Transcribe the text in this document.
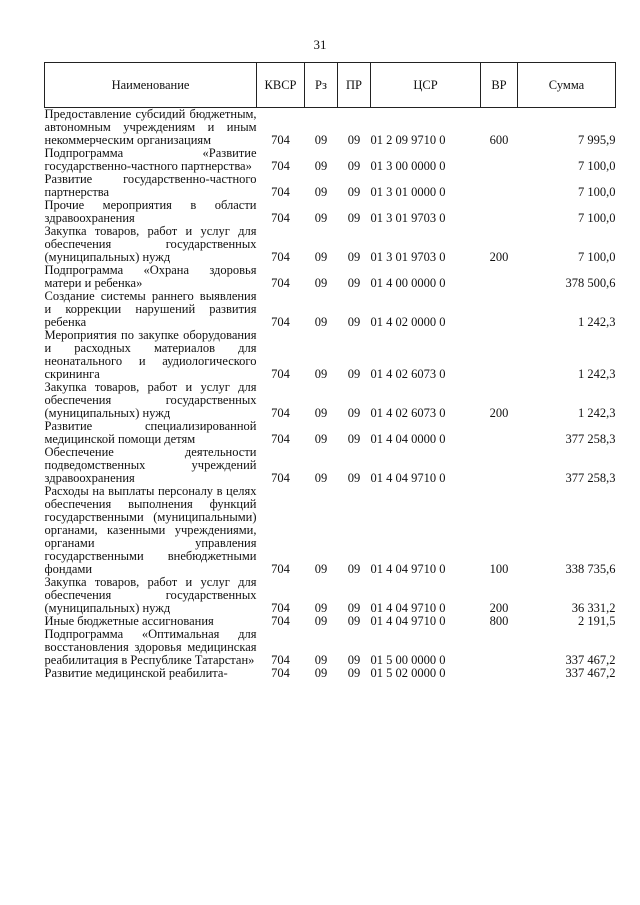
31
Наименование	КВСР	Рз	ПР	ЦСР	ВР	Сумма
Предоставление субсидий бюджетным, автономным учреждениям и иным некоммерческим организациям	704	09	09	01 2 09 9710 0	600	7 995,9
Подпрограмма «Развитие государственно-частного партнерства»	704	09	09	01 3 00 0000 0		7 100,0
Развитие государственно-частного партнерства	704	09	09	01 3 01 0000 0		7 100,0
Прочие мероприятия в области здравоохранения	704	09	09	01 3 01 9703 0		7 100,0
Закупка товаров, работ и услуг для обеспечения государственных (муниципальных) нужд	704	09	09	01 3 01 9703 0	200	7 100,0
Подпрограмма «Охрана здоровья матери и ребенка»	704	09	09	01 4 00 0000 0		378 500,6
Создание системы раннего выявления и коррекции нарушений развития ребенка	704	09	09	01 4 02 0000 0		1 242,3
Мероприятия по закупке оборудования и расходных материалов для неонатального и аудиологического скрининга	704	09	09	01 4 02 6073 0		1 242,3
Закупка товаров, работ и услуг для обеспечения государственных (муниципальных) нужд	704	09	09	01 4 02 6073 0	200	1 242,3
Развитие специализированной медицинской помощи детям	704	09	09	01 4 04 0000 0		377 258,3
Обеспечение деятельности подведомственных учреждений здравоохранения	704	09	09	01 4 04 9710 0		377 258,3
Расходы на выплаты персоналу в целях обеспечения выполнения функций государственными (муниципальными) органами, казенными учреждениями, органами управления государственными внебюджетными фондами	704	09	09	01 4 04 9710 0	100	338 735,6
Закупка товаров, работ и услуг для обеспечения государственных (муниципальных) нужд	704	09	09	01 4 04 9710 0	200	36 331,2
Иные бюджетные ассигнования	704	09	09	01 4 04 9710 0	800	2 191,5
Подпрограмма «Оптимальная для восстановления здоровья медицинская реабилитация в Республике Татарстан»	704	09	09	01 5 00 0000 0		337 467,2
Развитие медицинской реабилита-	704	09	09	01 5 02 0000 0		337 467,2
